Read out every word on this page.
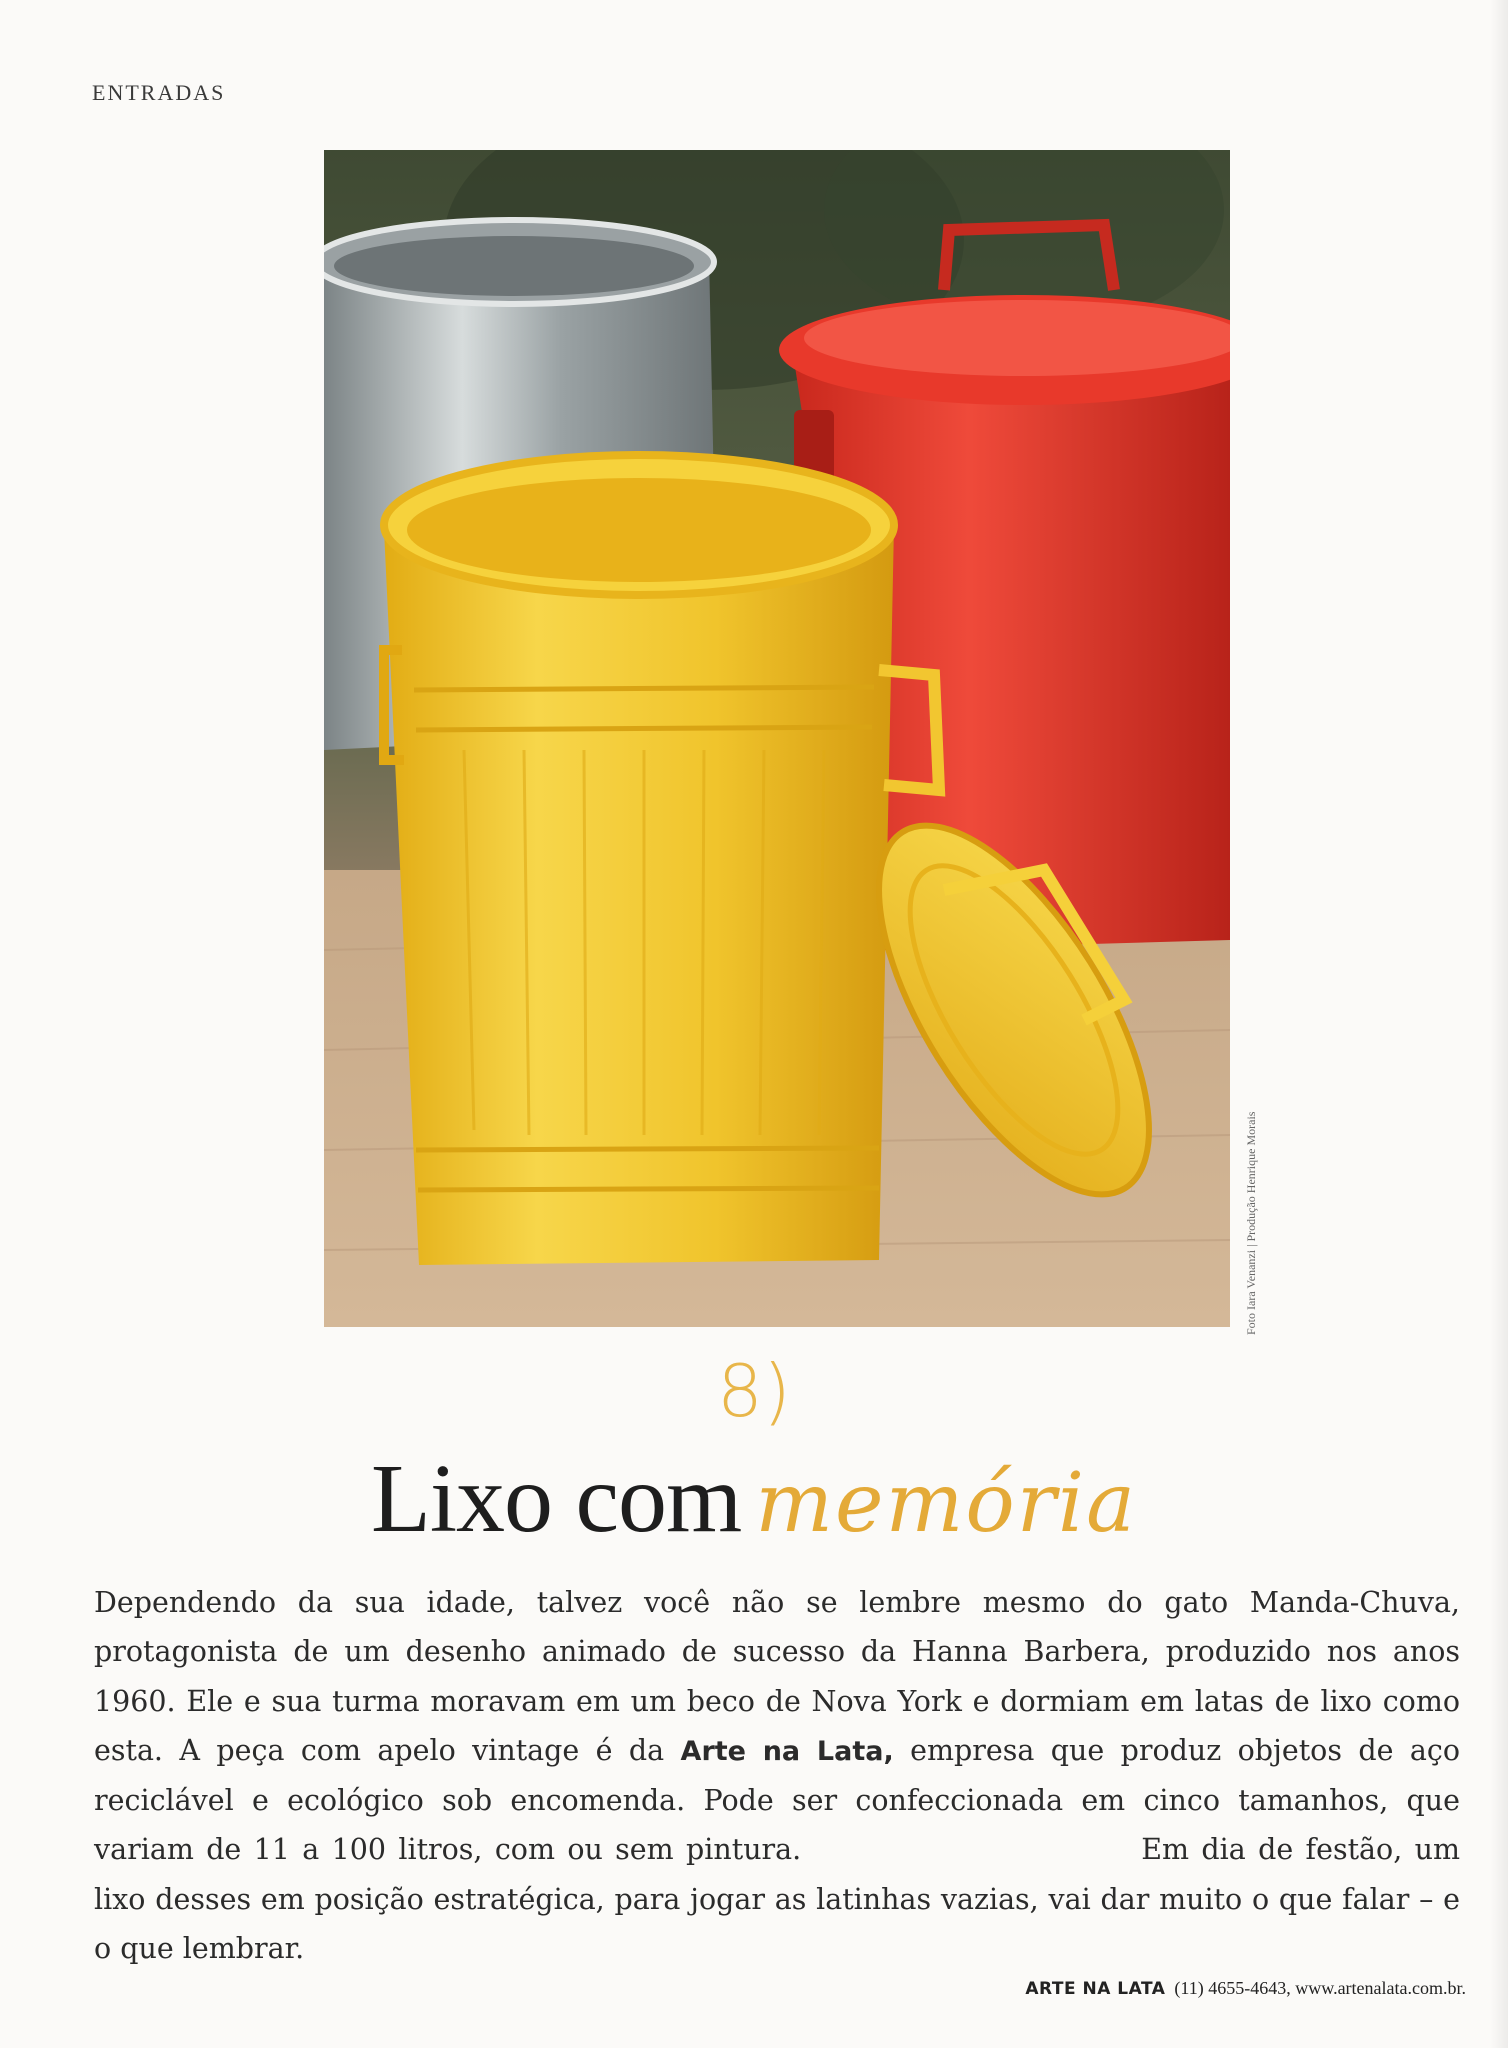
ENTRADAS
Foto Iara Venanzi | Produção Henrique Morais
8)
Lixo com memória
Dependendo da sua idade, talvez você não se lembre mesmo do gato Manda-Chuva, protagonista de um desenho animado de sucesso da Hanna Barbera, produzido nos anos 1960. Ele e sua turma moravam em um beco de Nova York e dormiam em latas de lixo como esta. A peça com apelo vintage é da Arte na Lata, empresa que produz objetos de aço reciclável e ecológico sob encomenda. Pode ser confeccionada em cinco tamanhos, que variam de 11 a 100 litros, com ou sem pintura.	Em dia de festão, um lixo desses em posição estratégica, para jogar as latinhas vazias, vai dar muito o que falar – e o que lembrar.
ARTE NA LATA (11) 4655-4643, www.artenalata.com.br.
